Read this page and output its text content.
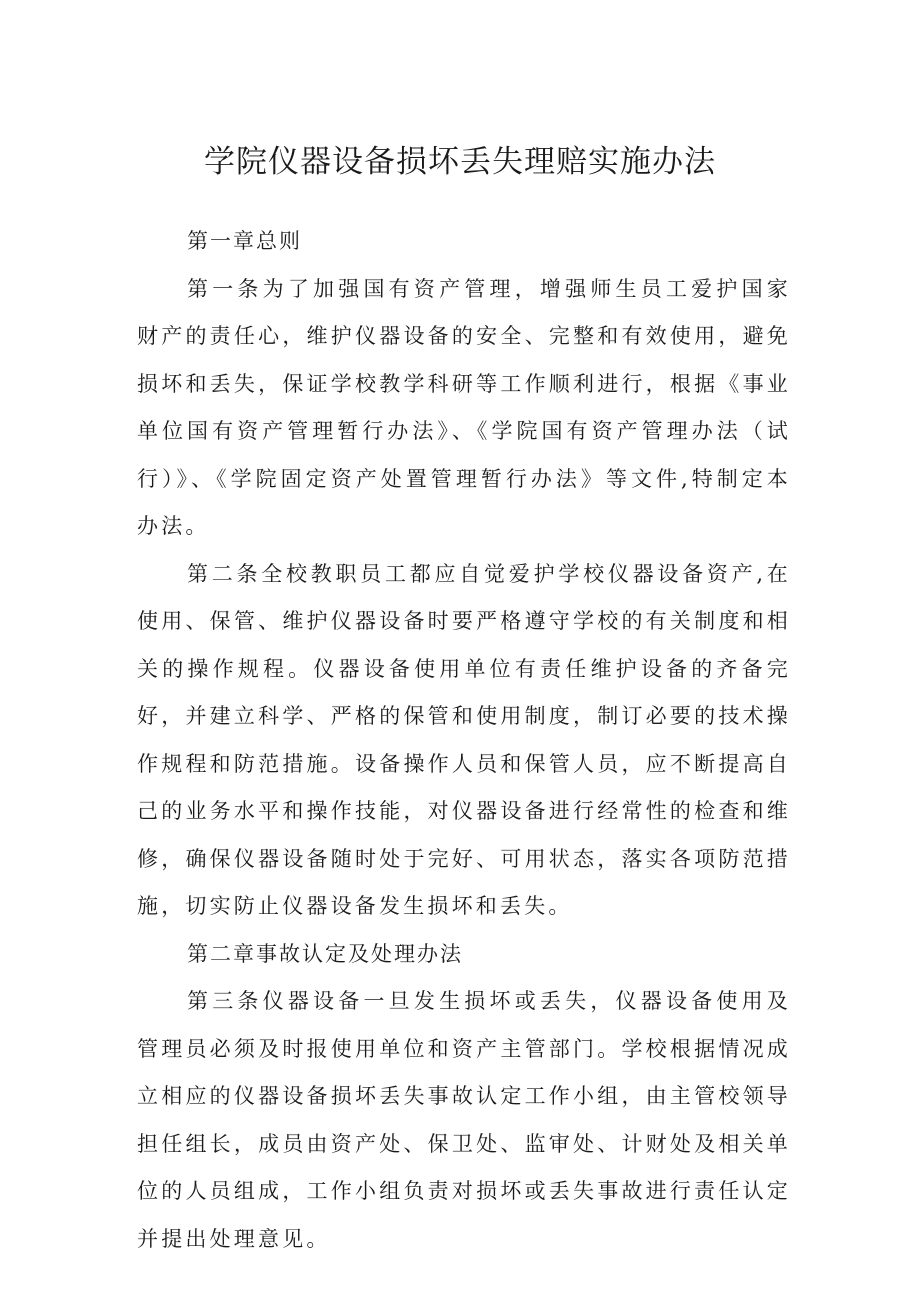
学院仪器设备损坏丢失理赔实施办法

第一章总则

第一条为了加强国有资产管理，增强师生员工爱护国家财产的责任心，维护仪器设备的安全、完整和有效使用，避免损坏和丢失，保证学校教学科研等工作顺利进行，根据《事业单位国有资产管理暂行办法》、《学院国有资产管理办法（试行）》、《学院固定资产处置管理暂行办法》等文件,特制定本办法。

第二条全校教职员工都应自觉爱护学校仪器设备资产,在使用、保管、维护仪器设备时要严格遵守学校的有关制度和相关的操作规程。仪器设备使用单位有责任维护设备的齐备完好，并建立科学、严格的保管和使用制度，制订必要的技术操作规程和防范措施。设备操作人员和保管人员，应不断提高自己的业务水平和操作技能，对仪器设备进行经常性的检查和维修，确保仪器设备随时处于完好、可用状态，落实各项防范措施，切实防止仪器设备发生损坏和丢失。

第二章事故认定及处理办法

第三条仪器设备一旦发生损坏或丢失，仪器设备使用及管理员必须及时报使用单位和资产主管部门。学校根据情况成立相应的仪器设备损坏丢失事故认定工作小组，由主管校领导担任组长，成员由资产处、保卫处、监审处、计财处及相关单位的人员组成，工作小组负责对损坏或丢失事故进行责任认定并提出处理意见。
